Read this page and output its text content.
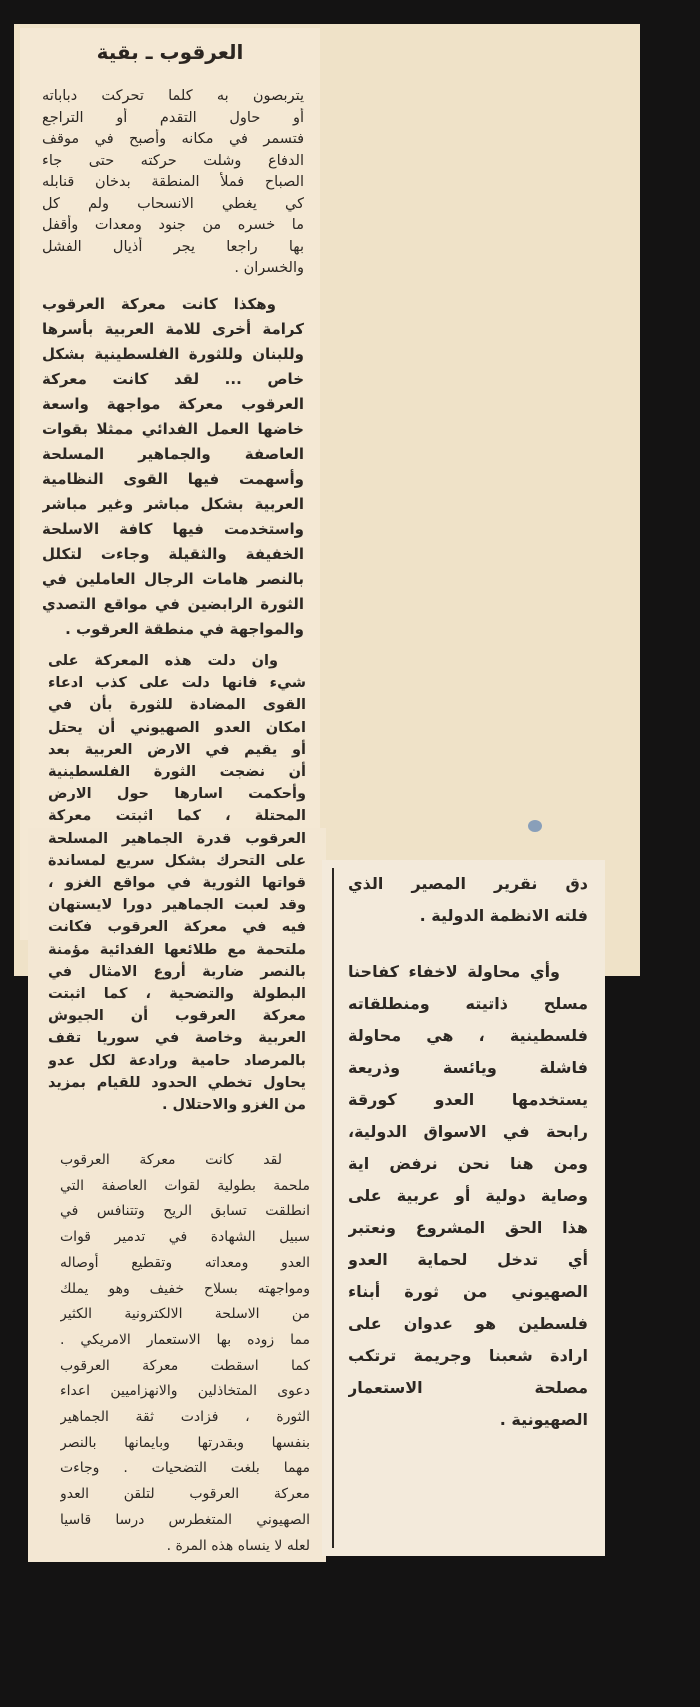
العرقوب ـ بقية
يتربصون به كلما تحركت دباباته
أو حاول التقدم أو التراجع
فتسمر في مكانه وأصبح في موقف
الدفاع وشلت حركته حتى جاء
الصباح فملأ المنطقة بدخان قنابله
كي يغطي الانسحاب ولم كل
ما خسره من جنود ومعدات وأقفل
بها راجعا يجر أذيال الفشل
والخسران .
وهكذا كانت معركة العرقوب
كرامة أخرى للامة العربية بأسرها
وللبنان وللثورة الفلسطينية بشكل
خاص ... لقد كانت معركة
العرقوب معركة مواجهة واسعة
خاضها العمل الفدائي ممثلا بقوات
العاصفة والجماهير المسلحة
وأسهمت فيها القوى النظامية
العربية بشكل مباشر وغير مباشر
واستخدمت فيها كافة الاسلحة
الخفيفة والثقيلة وجاءت لتكلل
بالنصر هامات الرجال العاملين في
الثورة الرابضين في مواقع التصدي
والمواجهة في منطقة العرقوب .
وان دلت هذه المعركة على
شيء فانها دلت على كذب ادعاء
القوى المضادة للثورة بأن في
امكان العدو الصهيوني أن يحتل
أو يقيم في الارض العربية بعد
أن نضجت الثورة الفلسطينية
وأحكمت اسارها حول الارض
المحتلة ، كما اثبتت معركة
العرقوب قدرة الجماهير المسلحة
على التحرك بشكل سريع لمساندة
قواتها الثورية في مواقع الغزو ،
وقد لعبت الجماهير دورا لايستهان
فيه في معركة العرقوب فكانت
ملتحمة مع طلائعها الفدائية مؤمنة
بالنصر ضاربة أروع الامثال في
البطولة والتضحية ، كما اثبتت
معركة العرقوب أن الجيوش
العربية وخاصة في سوريا تقف
بالمرصاد حامية ورادعة لكل عدو
يحاول تخطي الحدود للقيام بمزيد
من الغزو والاحتلال .
لقد كانت معركة العرقوب
ملحمة بطولية لقوات العاصفة التي
انطلقت تسابق الريح وتتنافس في
سبيل الشهادة في تدمير قوات
العدو ومعداته وتقطيع أوصاله
ومواجهته بسلاح خفيف وهو يملك
من الاسلحة الالكترونية الكثير
مما زوده بها الاستعمار الامريكي .
كما اسقطت معركة العرقوب
دعوى المتخاذلين والانهزاميين اعداء
الثورة ، فزادت ثقة الجماهير
بنفسها وبقدرتها وبايمانها بالنصر
مهما بلغت التضحيات . وجاءت
معركة العرقوب لتلقن العدو
الصهيوني المتغطرس درسا قاسيا
لعله لا ينساه هذه المرة .
دق نقرير المصير الذي
فلته الانظمة الدولية .
وأي محاولة لاخفاء كفاحنا
مسلح ذاتيته ومنطلقاته
فلسطينية ، هي محاولة
فاشلة ويائسة وذريعة
يستخدمها العدو كورقة
رابحة في الاسواق الدولية،
ومن هنا نحن نرفض اية
وصاية دولية أو عربية على
هذا الحق المشروع ونعتبر
أي تدخل لحماية العدو
الصهيوني من ثورة أبناء
فلسطين هو عدوان على
ارادة شعبنا وجريمة ترتكب
مصلحة الاستعمار
الصهيونية .
